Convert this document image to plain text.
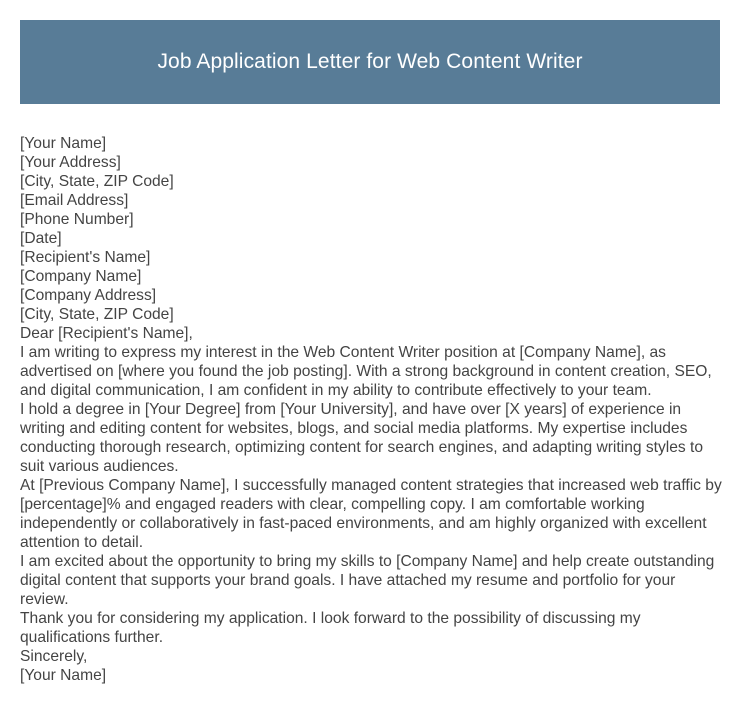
Job Application Letter for Web Content Writer

[Your Name]

[Your Address]

[City, State, ZIP Code]

[Email Address]

[Phone Number]

[Date]

[Recipient's Name]

[Company Name]

[Company Address]

[City, State, ZIP Code]

Dear [Recipient's Name],

I am writing to express my interest in the Web Content Writer position at [Company Name], as advertised on [where you found the job posting]. With a strong background in content creation, SEO, and digital communication, I am confident in my ability to contribute effectively to your team.

I hold a degree in [Your Degree] from [Your University], and have over [X years] of experience in writing and editing content for websites, blogs, and social media platforms. My expertise includes conducting thorough research, optimizing content for search engines, and adapting writing styles to suit various audiences.

At [Previous Company Name], I successfully managed content strategies that increased web traffic by [percentage]% and engaged readers with clear, compelling copy. I am comfortable working independently or collaboratively in fast-paced environments, and am highly organized with excellent attention to detail.

I am excited about the opportunity to bring my skills to [Company Name] and help create outstanding digital content that supports your brand goals. I have attached my resume and portfolio for your review.

Thank you for considering my application. I look forward to the possibility of discussing my qualifications further.

Sincerely,

[Your Name]
